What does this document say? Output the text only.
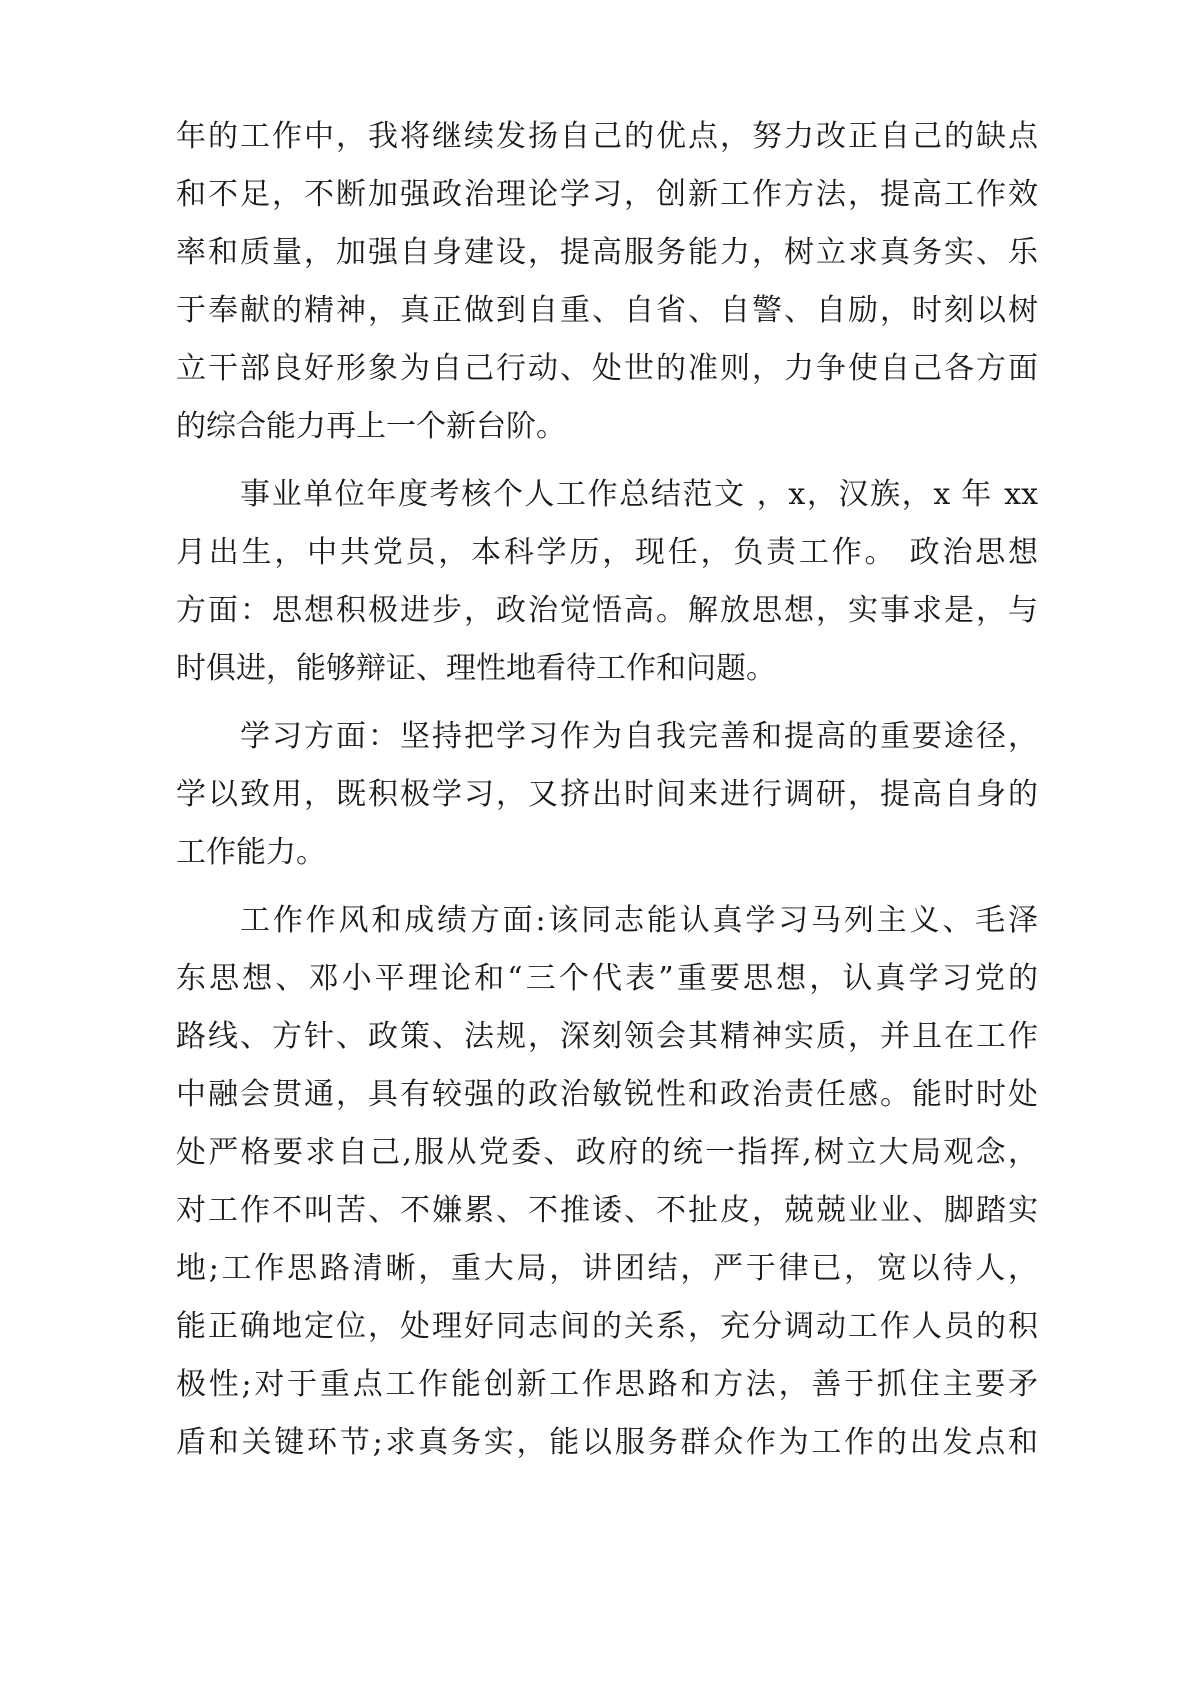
年的工作中，我将继续发扬自己的优点，努力改正自己的缺点
和不足，不断加强政治理论学习，创新工作方法，提高工作效
率和质量，加强自身建设，提高服务能力，树立求真务实、乐
于奉献的精神，真正做到自重、自省、自警、自励，时刻以树
立干部良好形象为自己行动、处世的准则，力争使自己各方面
的综合能力再上一个新台阶。
事业单位年度考核个人工作总结范文 ，x，汉族，x 年 xx
月出生，中共党员，本科学历，现任，负责工作。 政治思想
方面：思想积极进步，政治觉悟高。解放思想，实事求是，与
时俱进，能够辩证、理性地看待工作和问题。
学习方面：坚持把学习作为自我完善和提高的重要途径，
学以致用，既积极学习，又挤出时间来进行调研，提高自身的
工作能力。
工作作风和成绩方面:该同志能认真学习马列主义、毛泽
东思想、邓小平理论和“三个代表”重要思想，认真学习党的
路线、方针、政策、法规，深刻领会其精神实质，并且在工作
中融会贯通，具有较强的政治敏锐性和政治责任感。能时时处
处严格要求自己,服从党委、政府的统一指挥,树立大局观念，
对工作不叫苦、不嫌累、不推诿、不扯皮，兢兢业业、脚踏实
地;工作思路清晰，重大局，讲团结，严于律已，宽以待人，
能正确地定位，处理好同志间的关系，充分调动工作人员的积
极性;对于重点工作能创新工作思路和方法，善于抓住主要矛
盾和关键环节;求真务实，能以服务群众作为工作的出发点和
